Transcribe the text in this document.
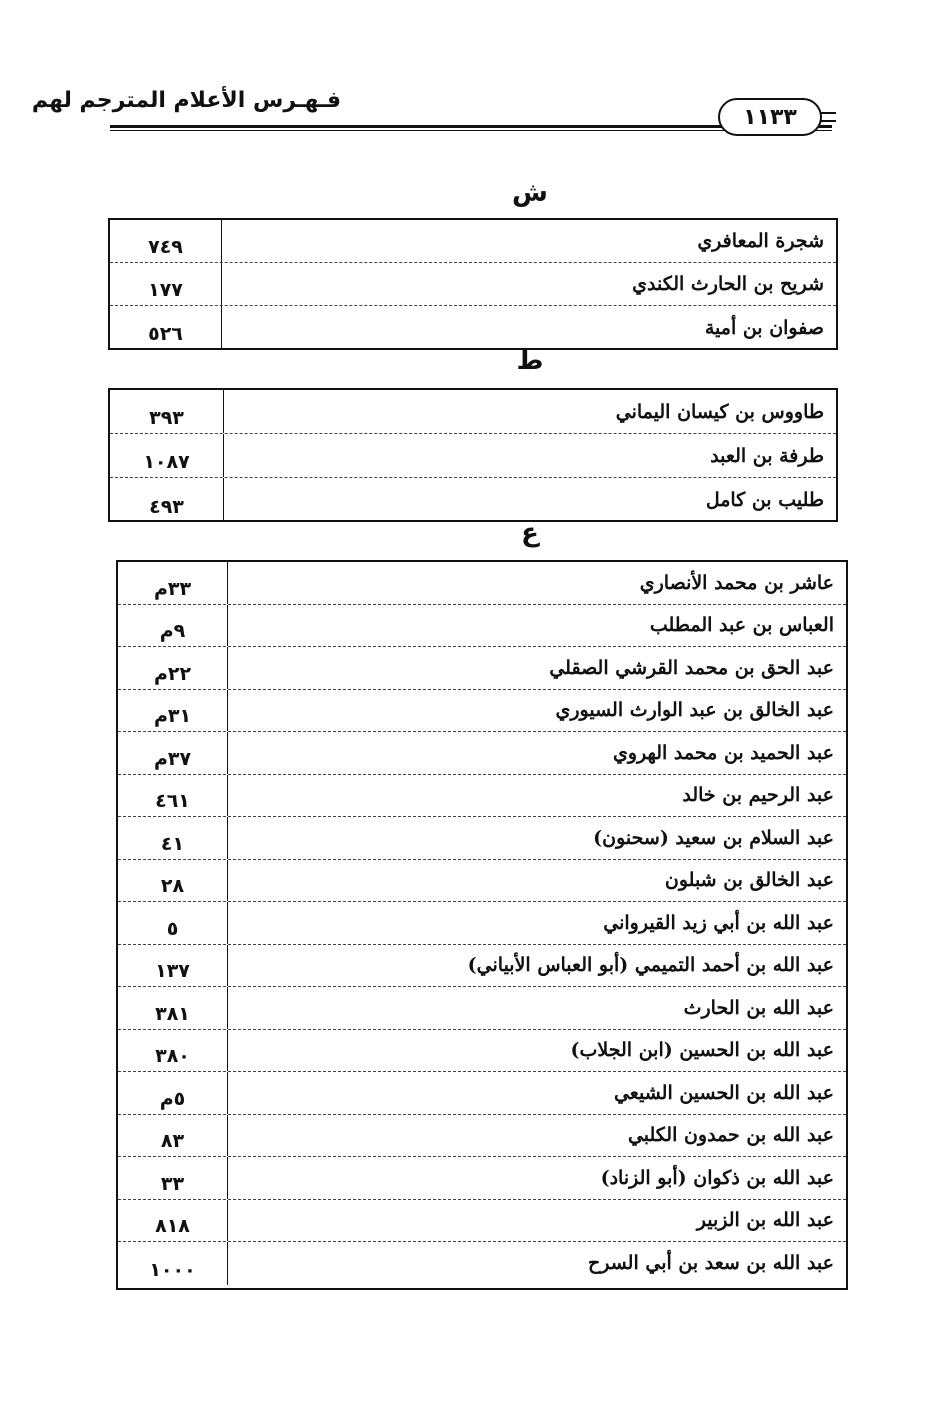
فـهـرس الأعلام المترجم لهم
١١٣٣
ش
شجرة المعافري
٧٤٩
شريح بن الحارث الكندي
١٧٧
صفوان بن أمية
٥٢٦
ط
طاووس بن كيسان اليماني
٣٩٣
طرفة بن العبد
١٠٨٧
طليب بن كامل
٤٩٣
ع
عاشر بن محمد الأنصاري
٣٣م
العباس بن عبد المطلب
٩م
عبد الحق بن محمد القرشي الصقلي
٢٢م
عبد الخالق بن عبد الوارث السيوري
٣١م
عبد الحميد بن محمد الهروي
٣٧م
عبد الرحيم بن خالد
٤٦١
عبد السلام بن سعيد (سحنون)
٤١
عبد الخالق بن شبلون
٢٨
عبد الله بن أبي زيد القيرواني
٥
عبد الله بن أحمد التميمي (أبو العباس الأبياني)
١٣٧
عبد الله بن الحارث
٣٨١
عبد الله بن الحسين (ابن الجلاب)
٣٨٠
عبد الله بن الحسين الشيعي
٥م
عبد الله بن حمدون الكلبي
٨٣
عبد الله بن ذكوان (أبو الزناد)
٣٣
عبد الله بن الزبير
٨١٨
عبد الله بن سعد بن أبي السرح
١٠٠٠
